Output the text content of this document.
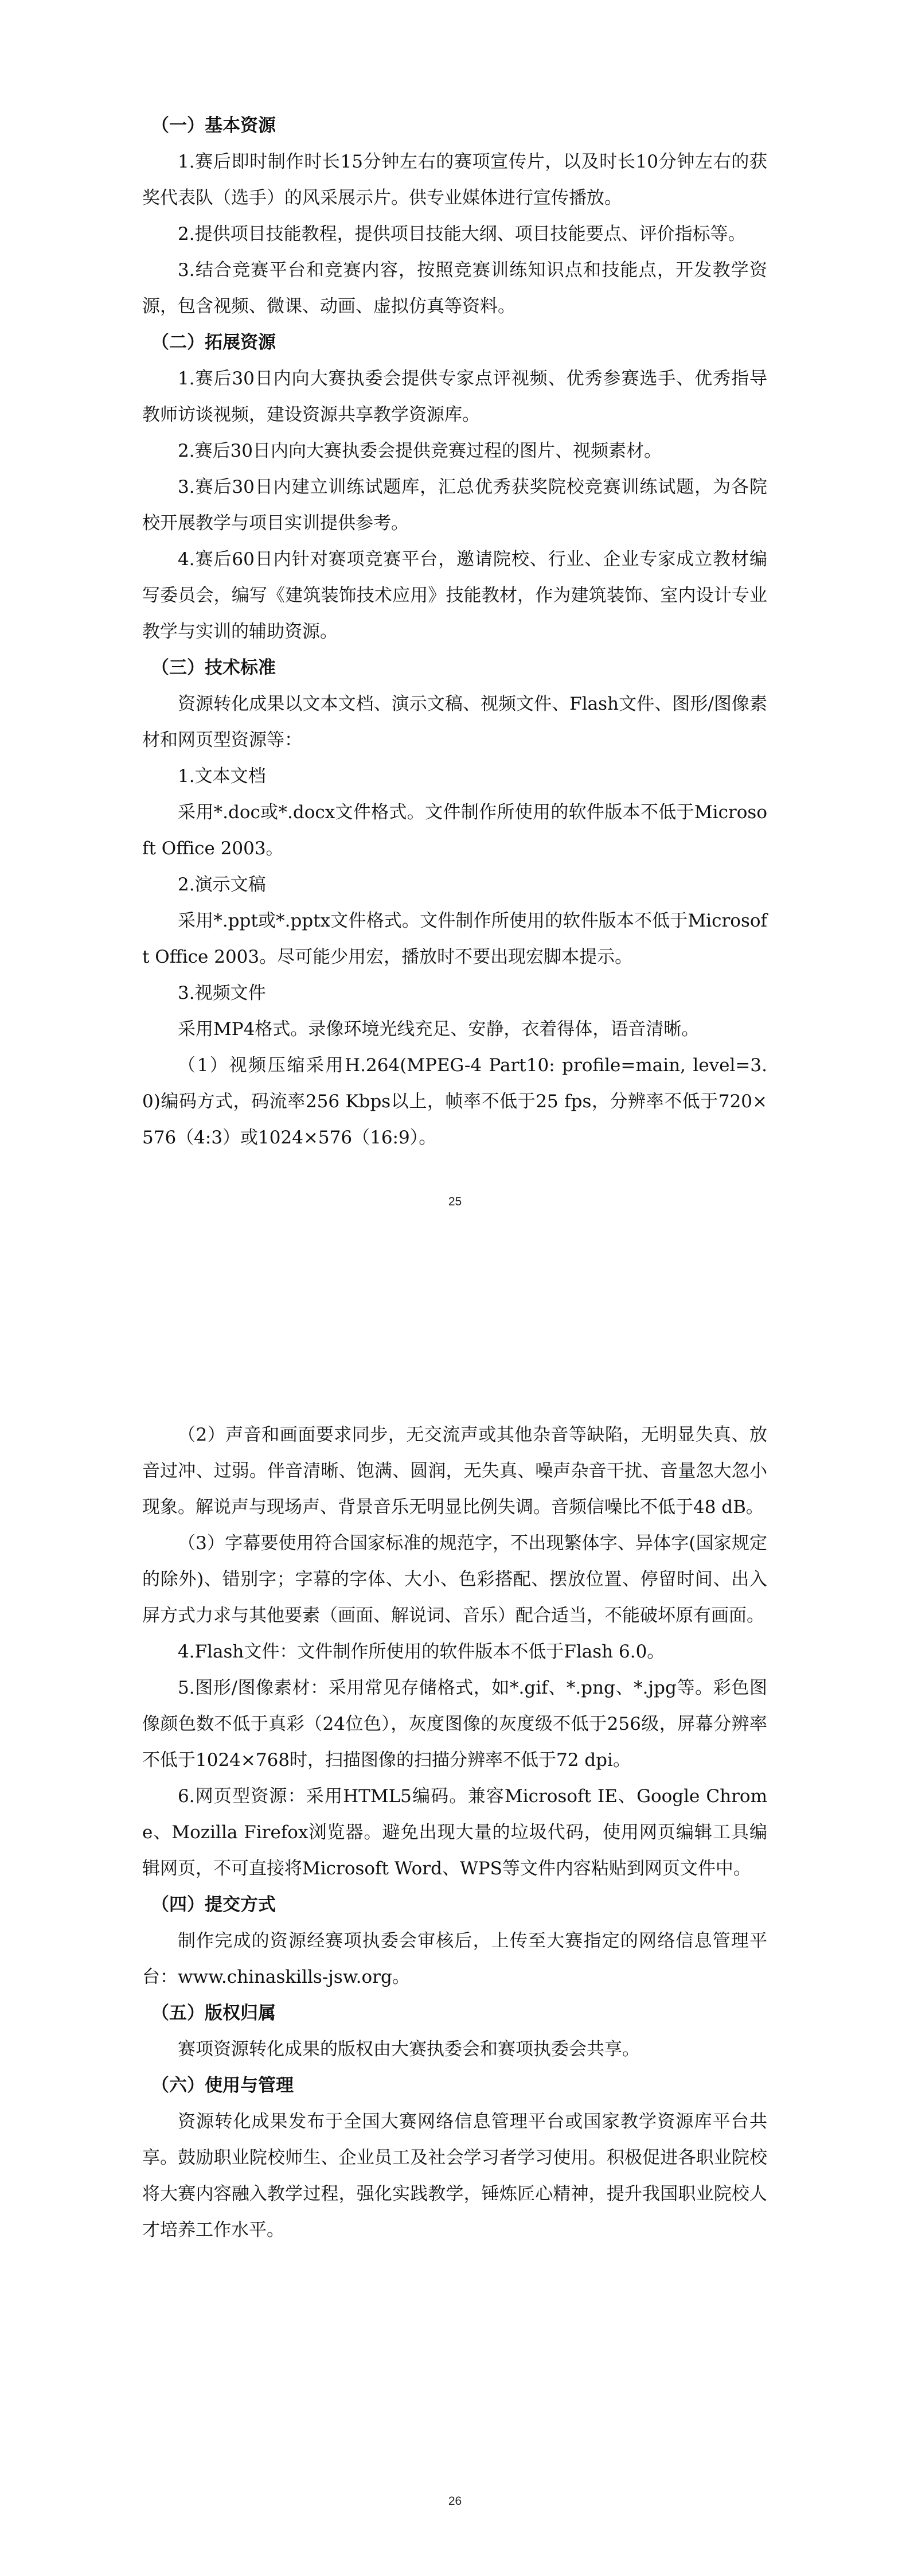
（一）基本资源
1.赛后即时制作时长15分钟左右的赛项宣传片，以及时长10分钟左右的获奖代表队（选手）的风采展示片。供专业媒体进行宣传播放。
2.提供项目技能教程，提供项目技能大纲、项目技能要点、评价指标等。
3.结合竞赛平台和竞赛内容，按照竞赛训练知识点和技能点，开发教学资源，包含视频、微课、动画、虚拟仿真等资料。
（二）拓展资源
1.赛后30日内向大赛执委会提供专家点评视频、优秀参赛选手、优秀指导教师访谈视频，建设资源共享教学资源库。
2.赛后30日内向大赛执委会提供竞赛过程的图片、视频素材。
3.赛后30日内建立训练试题库，汇总优秀获奖院校竞赛训练试题，为各院校开展教学与项目实训提供参考。
4.赛后60日内针对赛项竞赛平台，邀请院校、行业、企业专家成立教材编写委员会，编写《建筑装饰技术应用》技能教材，作为建筑装饰、室内设计专业教学与实训的辅助资源。
（三）技术标准
资源转化成果以文本文档、演示文稿、视频文件、Flash文件、图形/图像素材和网页型资源等：
1.文本文档
采用*.doc或*.docx文件格式。文件制作所使用的软件版本不低于Microsoft Office 2003。
2.演示文稿
采用*.ppt或*.pptx文件格式。文件制作所使用的软件版本不低于Microsoft Office 2003。尽可能少用宏，播放时不要出现宏脚本提示。
3.视频文件
采用MP4格式。录像环境光线充足、安静，衣着得体，语音清晰。
（1）视频压缩采用H.264(MPEG-4 Part10: profile=main, level=3.0)编码方式，码流率256 Kbps以上，帧率不低于25 fps，分辨率不低于720×576（4:3）或1024×576（16:9）。
25
（2）声音和画面要求同步，无交流声或其他杂音等缺陷，无明显失真、放音过冲、过弱。伴音清晰、饱满、圆润，无失真、噪声杂音干扰、音量忽大忽小现象。解说声与现场声、背景音乐无明显比例失调。音频信噪比不低于48 dB。
（3）字幕要使用符合国家标准的规范字，不出现繁体字、异体字(国家规定的除外)、错别字；字幕的字体、大小、色彩搭配、摆放位置、停留时间、出入屏方式力求与其他要素（画面、解说词、音乐）配合适当，不能破坏原有画面。
4.Flash文件：文件制作所使用的软件版本不低于Flash 6.0。
5.图形/图像素材：采用常见存储格式，如*.gif、*.png、*.jpg等。彩色图像颜色数不低于真彩（24位色），灰度图像的灰度级不低于256级，屏幕分辨率不低于1024×768时，扫描图像的扫描分辨率不低于72 dpi。
6.网页型资源：采用HTML5编码。兼容Microsoft IE、Google Chrome、Mozilla Firefox浏览器。避免出现大量的垃圾代码，使用网页编辑工具编辑网页，不可直接将Microsoft Word、WPS等文件内容粘贴到网页文件中。
（四）提交方式
制作完成的资源经赛项执委会审核后，上传至大赛指定的网络信息管理平台：www.chinaskills-jsw.org。
（五）版权归属
赛项资源转化成果的版权由大赛执委会和赛项执委会共享。
（六）使用与管理
资源转化成果发布于全国大赛网络信息管理平台或国家教学资源库平台共享。鼓励职业院校师生、企业员工及社会学习者学习使用。积极促进各职业院校将大赛内容融入教学过程，强化实践教学，锤炼匠心精神，提升我国职业院校人才培养工作水平。
26
